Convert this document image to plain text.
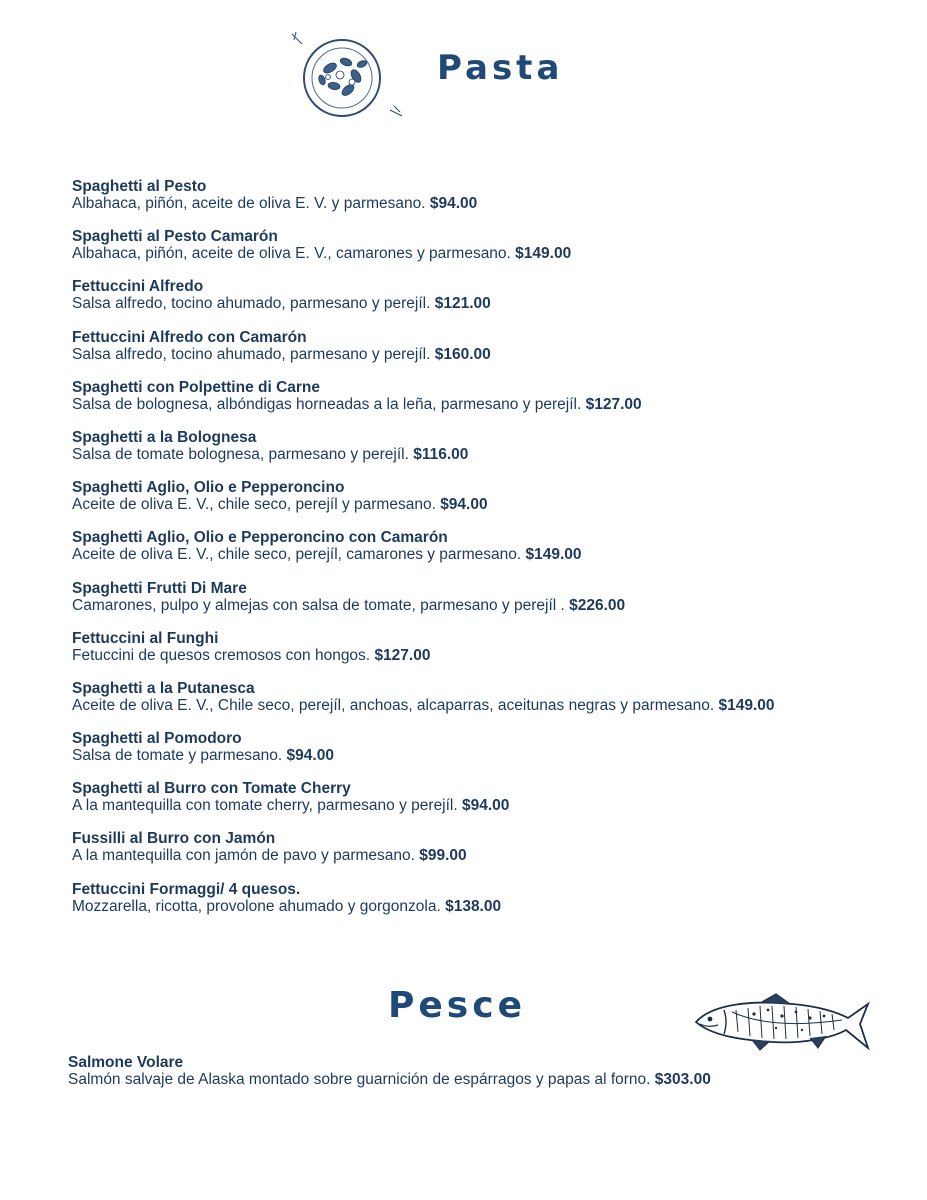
Pasta
Spaghetti al Pesto
Albahaca, piñón, aceite de oliva E. V. y parmesano. $94.00
Spaghetti al Pesto Camarón
Albahaca, piñón, aceite de oliva E. V., camarones y parmesano. $149.00
Fettuccini Alfredo
Salsa alfredo, tocino ahumado, parmesano y perejíl. $121.00
Fettuccini Alfredo con Camarón
Salsa alfredo, tocino ahumado, parmesano y perejíl. $160.00
Spaghetti con Polpettine di Carne
Salsa de bolognesa, albóndigas horneadas a la leña, parmesano y perejíl. $127.00
Spaghetti a la Bolognesa
Salsa de tomate bolognesa, parmesano y perejíl. $116.00
Spaghetti Aglio, Olio e Pepperoncino
Aceite de oliva E. V., chile seco, perejíl y parmesano. $94.00
Spaghetti Aglio, Olio e Pepperoncino con Camarón
Aceite de oliva E. V., chile seco, perejíl, camarones y parmesano. $149.00
Spaghetti Frutti Di Mare
Camarones, pulpo y almejas con salsa de tomate, parmesano y perejíl . $226.00
Fettuccini al Funghi
Fetuccini de quesos cremosos con hongos. $127.00
Spaghetti a la Putanesca
Aceite de oliva E. V., Chile seco, perejíl, anchoas, alcaparras, aceitunas negras y parmesano. $149.00
Spaghetti al Pomodoro
Salsa de tomate y parmesano. $94.00
Spaghetti al Burro con Tomate Cherry
A la mantequilla con tomate cherry, parmesano y perejíl. $94.00
Fussilli al Burro con Jamón
A la mantequilla con jamón de pavo y parmesano. $99.00
Fettuccini Formaggi/ 4 quesos.
Mozzarella, ricotta, provolone ahumado y gorgonzola. $138.00
Pesce
Salmone Volare
Salmón salvaje de Alaska montado sobre guarnición de espárragos y papas al forno. $303.00
